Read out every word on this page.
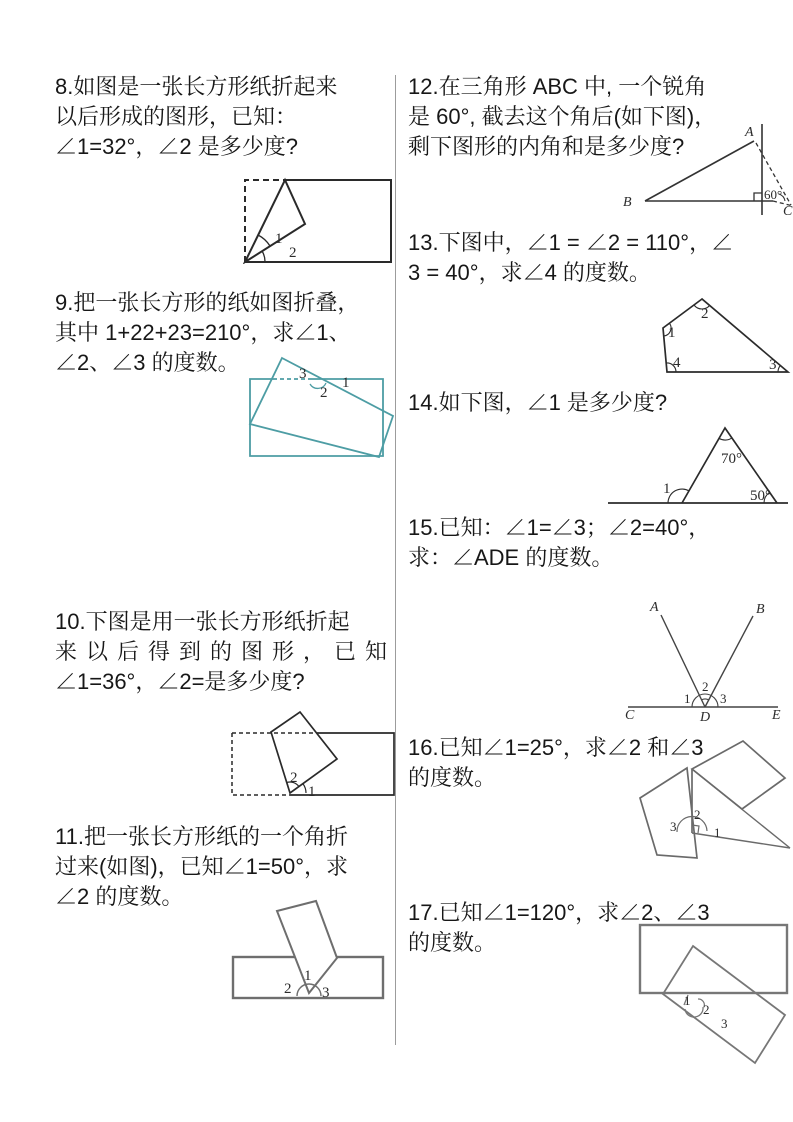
8.如图是一张长方形纸折起来
以后形成的图形，已知：
∠1=32°，∠2 是多少度?
1
2
9.把一张长方形的纸如图折叠，
其中 1+22+23=210°，求∠1、
∠2、∠3 的度数。	3
2
1
10.下图是用一张长方形纸折起
来以后得到的图形，已知
∠1=36°，∠2=是多少度?
2
1
11.把一张长方形纸的一个角折
过来(如图)，已知∠1=50°，求
∠2 的度数。
1
2 3
12.在三角形 ABC 中, 一个锐角
是 60°, 截去这个角后(如下图)，
剩下图形的内角和是多少度?
A
B
C
60°
13.下图中，∠1 = ∠2 = 110°，∠
3 = 40°，求∠4 的度数。
2
1
4	3
14.如下图，∠1 是多少度?
70°
1	50°
15.已知：∠1=∠3；∠2=40°，
求：∠ADE 的度数。
A	B
C	D	E
1
2
3
16.已知∠1=25°，求∠2 和∠3
的度数。
2
3	1
17.已知∠1=120°，求∠2、∠3
的度数。
1
2
3
